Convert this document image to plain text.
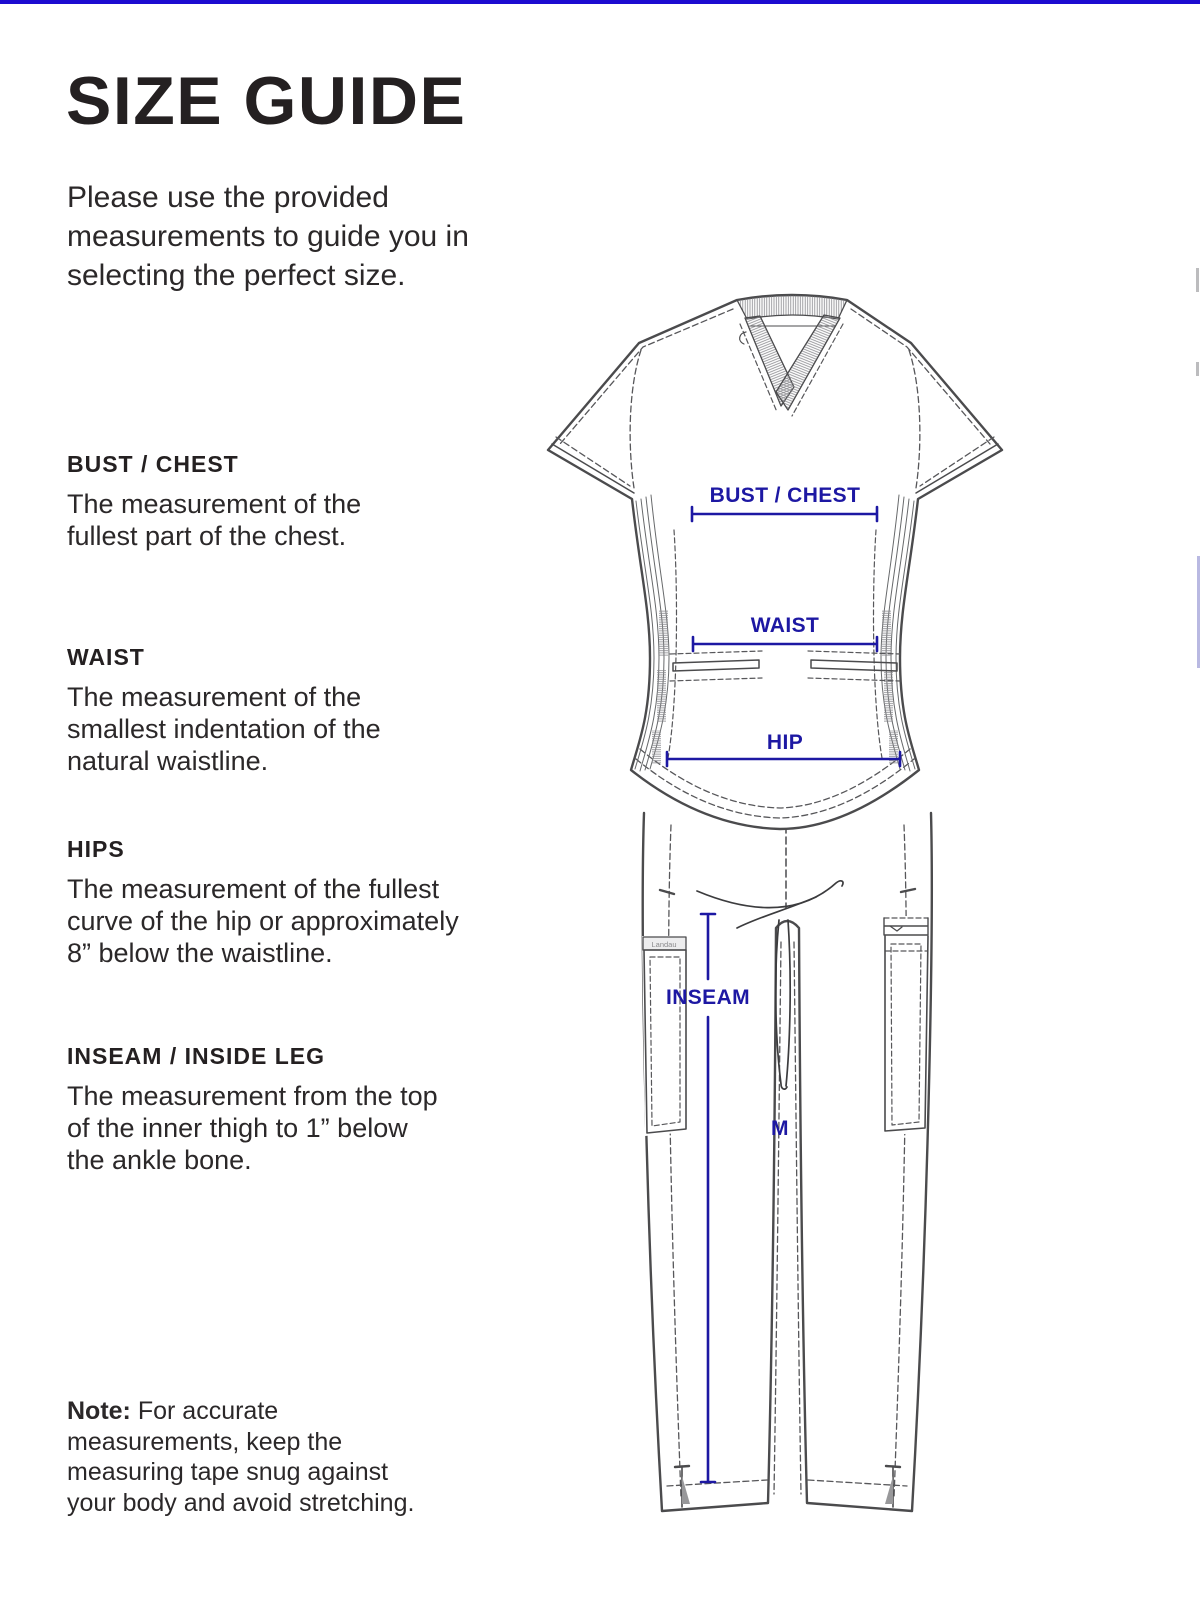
SIZE GUIDE
Please use the provided
measurements to guide you in
selecting the perfect size.
BUST / CHEST
The measurement of the
fullest part of the chest.
WAIST
The measurement of the
smallest indentation of the
natural waistline.
HIPS
The measurement of the fullest
curve of the hip or approximately
8” below the waistline.
INSEAM / INSIDE LEG
The measurement from the top
of the inner thigh to 1” below
the ankle bone.
Note: For accurate
measurements, keep the
measuring tape snug against
your body and avoid stretching.
Landau
BUST / CHEST
WAIST
HIP
INSEAM
M
